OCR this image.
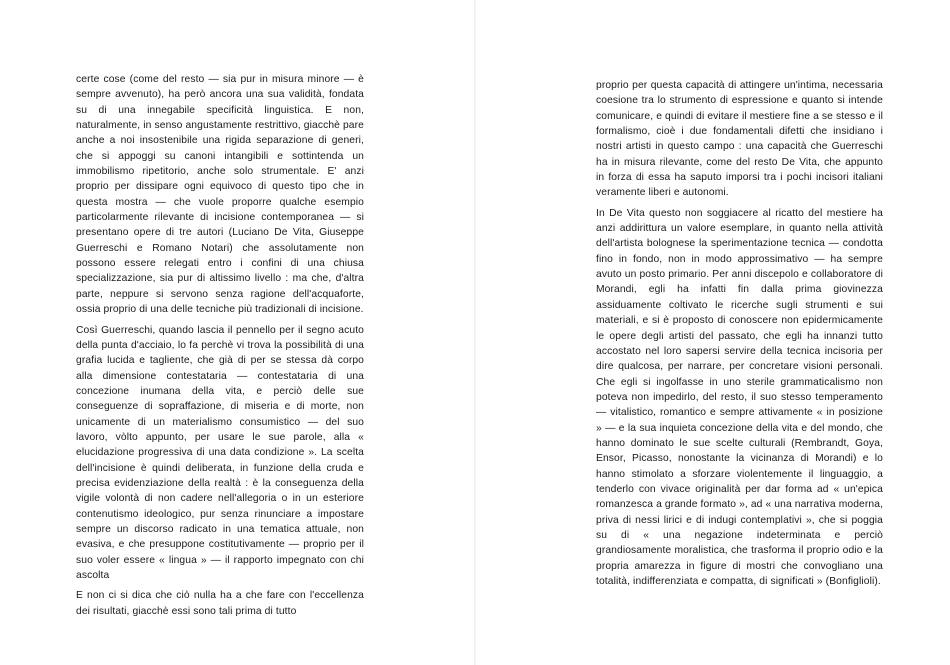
certe cose (come del resto — sia pur in misura minore — è sempre avvenuto), ha però ancora una sua validità, fondata su di una innegabile specificità linguistica. E non, naturalmente, in senso angustamente restrittivo, giacchè pare anche a noi insostenibile una rigida separazione di generi, che si appoggi su canoni intangibili e sottintenda un immobilismo ripetitorio, anche solo strumentale. E' anzi proprio per dissipare ogni equivoco di questo tipo che in questa mostra — che vuole proporre qualche esempio particolarmente rilevante di incisione contemporanea — si presentano opere di tre autori (Luciano De Vita, Giuseppe Guerreschi e Romano Notari) che assolutamente non possono essere relegati entro i confini di una chiusa specializzazione, sia pur di altissimo livello : ma che, d'altra parte, neppure si servono senza ragione dell'acquaforte, ossia proprio di una delle tecniche più tradizionali di incisione.

Così Guerreschi, quando lascia il pennello per il segno acuto della punta d'acciaio, lo fa perchè vi trova la possibilità di una grafia lucida e tagliente, che già di per se stessa dà corpo alla dimensione contestataria — contestataria di una concezione inumana della vita, e perciò delle sue conseguenze di sopraffazione, di miseria e di morte, non unicamente di un materialismo consumistico — del suo lavoro, vòlto appunto, per usare le sue parole, alla « elucidazione progressiva di una data condizione ». La scelta dell'incisione è quindi deliberata, in funzione della cruda e precisa evidenziazione della realtà : è la conseguenza della vigile volontà di non cadere nell'allegoria o in un esteriore contenutismo ideologico, pur senza rinunciare a impostare sempre un discorso radicato in una tematica attuale, non evasiva, e che presuppone costitutivamente — proprio per il suo voler essere « lingua » — il rapporto impegnato con chi ascolta

E non ci si dica che ciò nulla ha a che fare con l'eccellenza dei risultati, giacchè essi sono tali prima di tutto

proprio per questa capacità di attingere un'intima, necessaria coesione tra lo strumento di espressione e quanto si intende comunicare, e quindi di evitare il mestiere fine a se stesso e il formalismo, cioè i due fondamentali difetti che insidiano i nostri artisti in questo campo : una capacità che Guerreschi ha in misura rilevante, come del resto De Vita, che appunto in forza di essa ha saputo imporsi tra i pochi incisori italiani veramente liberi e autonomi.

In De Vita questo non soggiacere al ricatto del mestiere ha anzi addirittura un valore esemplare, in quanto nella attività dell'artista bolognese la sperimentazione tecnica — condotta fino in fondo, non in modo approssimativo — ha sempre avuto un posto primario. Per anni discepolo e collaboratore di Morandi, egli ha infatti fin dalla prima giovinezza assiduamente coltivato le ricerche sugli strumenti e sui materiali, e si è proposto di conoscere non epidermicamente le opere degli artisti del passato, che egli ha innanzi tutto accostato nel loro sapersi servire della tecnica incisoria per dire qualcosa, per narrare, per concretare visioni personali. Che egli si ingolfasse in uno sterile grammaticalismo non poteva non impedirlo, del resto, il suo stesso temperamento — vitalistico, romantico e sempre attivamente « in posizione » — e la sua inquieta concezione della vita e del mondo, che hanno dominato le sue scelte culturali (Rembrandt, Goya, Ensor, Picasso, nonostante la vicinanza di Morandi) e lo hanno stimolato a sforzare violentemente il linguaggio, a tenderlo con vivace originalità per dar forma ad « un'epica romanzesca a grande formato », ad « una narrativa moderna, priva di nessi lirici e di indugi contemplativi », che si poggia su di « una negazione indeterminata e perciò grandiosamente moralistica, che trasforma il proprio odio e la propria amarezza in figure di mostri che convogliano una totalità, indifferenziata e compatta, di significati » (Bonfiglioli).
